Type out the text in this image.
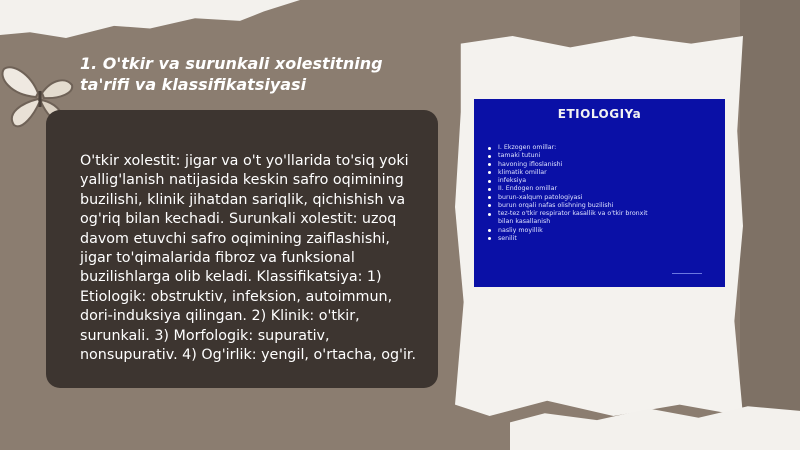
1. O'tkir va surunkali xolestitning
ta'rifi va klassifikatsiyasi
O'tkir xolestit: jigar va o't yo'llarida to'siq yoki yallig'lanish natijasida keskin safro oqimining buzilishi, klinik jihatdan sariqlik, qichishish va og'riq bilan kechadi. Surunkali xolestit: uzoq davom etuvchi safro oqimining zaiflashishi, jigar to'qimalarida fibroz va funksional buzilishlarga olib keladi. Klassifikatsiya: 1) Etiologik: obstruktiv, infeksion, autoimmun, dori-induksiya qilingan. 2) Klinik: o'tkir, surunkali. 3) Morfologik: supurativ, nonsupurativ. 4) Og'irlik: yengil, o'rtacha, og'ir.
ETIOLOGIYa
I. Ekzogen omillar:
tamaki tutuni
havoning ifloslanishi
klimatik omillar
infeksiya
II. Endogen omillar
burun-xalqum patologiyasi
burun orqali nafas olishning buzilishi
tez-tez o'tkir respirator kasallik va o'tkir bronxit
bilan kasallanish
nasliy moyillik
senilit
